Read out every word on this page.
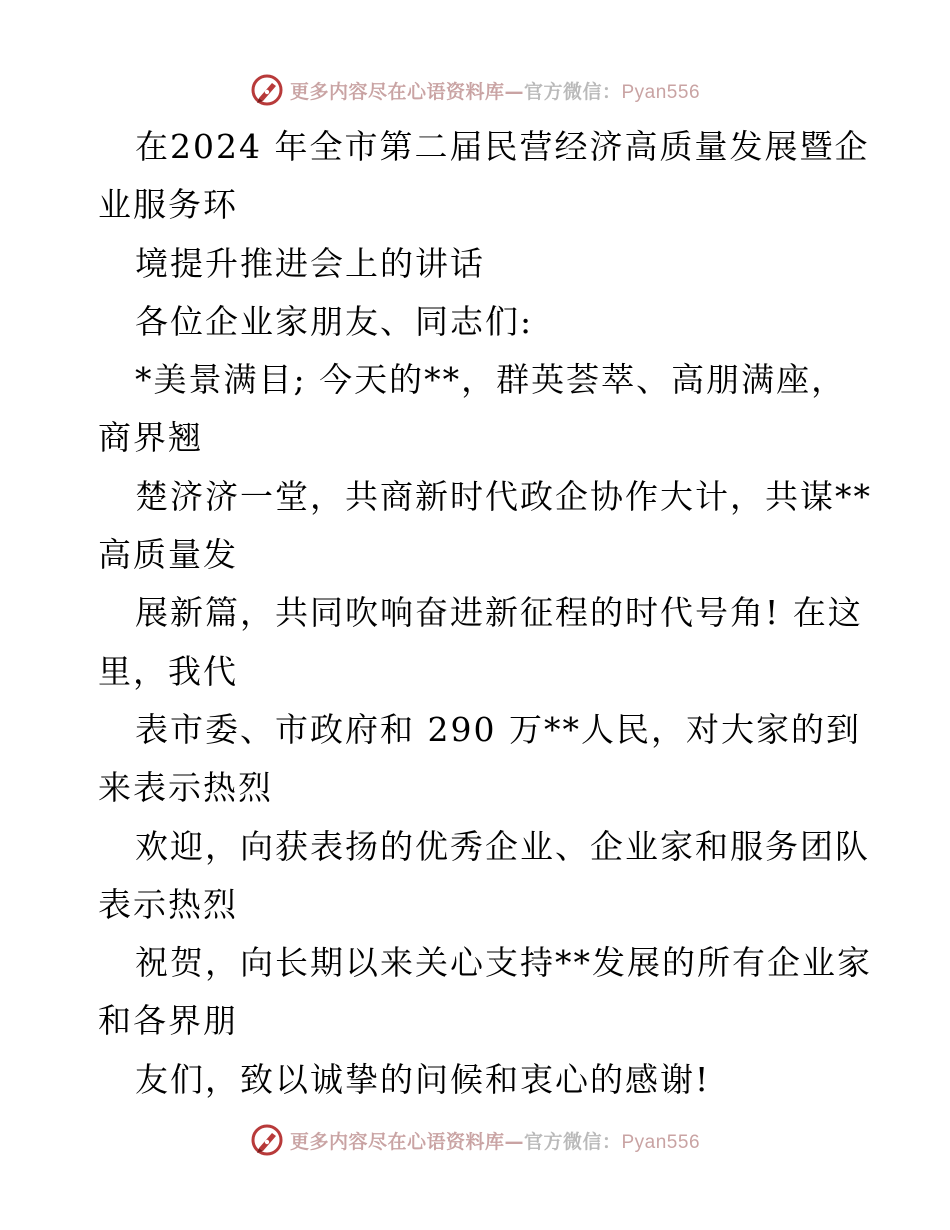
更多内容尽在心语资料库—官方微信：Pyan556
在2024 年全市第二届民营经济高质量发展暨企
业服务环
境提升推进会上的讲话
各位企业家朋友、同志们:
*美景满目; 今天的**，群英荟萃、高朋满座，
商界翘
楚济济一堂，共商新时代政企协作大计，共谋**
高质量发
展新篇，共同吹响奋进新征程的时代号角! 在这
里，我代
表市委、市政府和 290 万**人民，对大家的到
来表示热烈
欢迎，向获表扬的优秀企业、企业家和服务团队
表示热烈
祝贺，向长期以来关心支持**发展的所有企业家
和各界朋
友们，致以诚挚的问候和衷心的感谢!
更多内容尽在心语资料库—官方微信：Pyan556
